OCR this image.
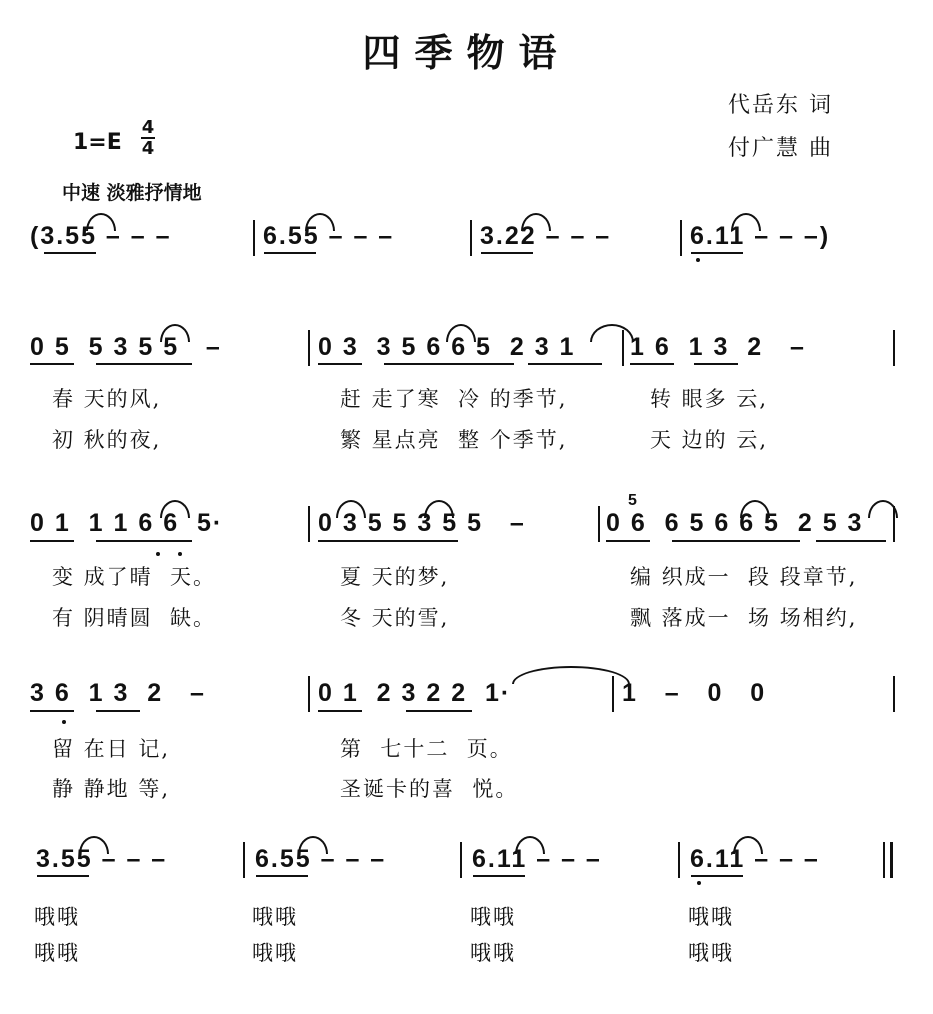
四季物语
代岳东 词
付广慧 曲
1=E
4
4
中速 淡雅抒情地
(3.55 – – –	6.55 – – –	3.22 – – –	6.11 – – –)
0 5  5 3 5 5   –	0 3  3 5 6 6 5  2 3 1 1 6  1 3  2   –
春 天的风,	赶 走了寒  冷 的季节,	转 眼多 云,
初 秋的夜,	繁 星点亮  整 个季节,	天 边的 云,
0 1  1 1 6 6  5·	0 3 5 5 3 5 5   –	0 6  6 5 6 6 5  2 5 3
5
变 成了晴  天。	夏 天的梦,	编 织成一  段 段章节,
有 阴晴圆  缺。	冬 天的雪,	飘 落成一  场 场相约,
3 6  1 3  2   –	0 1  2 3 2 2  1·	1   –   0   0
留 在日 记,	第  七十二  页。
静 静地 等,	圣诞卡的喜  悦。
3.55 – – –	6.55 – – –	6.11 – – –	6.11 – – –
哦哦	哦哦	哦哦	哦哦
哦哦	哦哦	哦哦	哦哦
